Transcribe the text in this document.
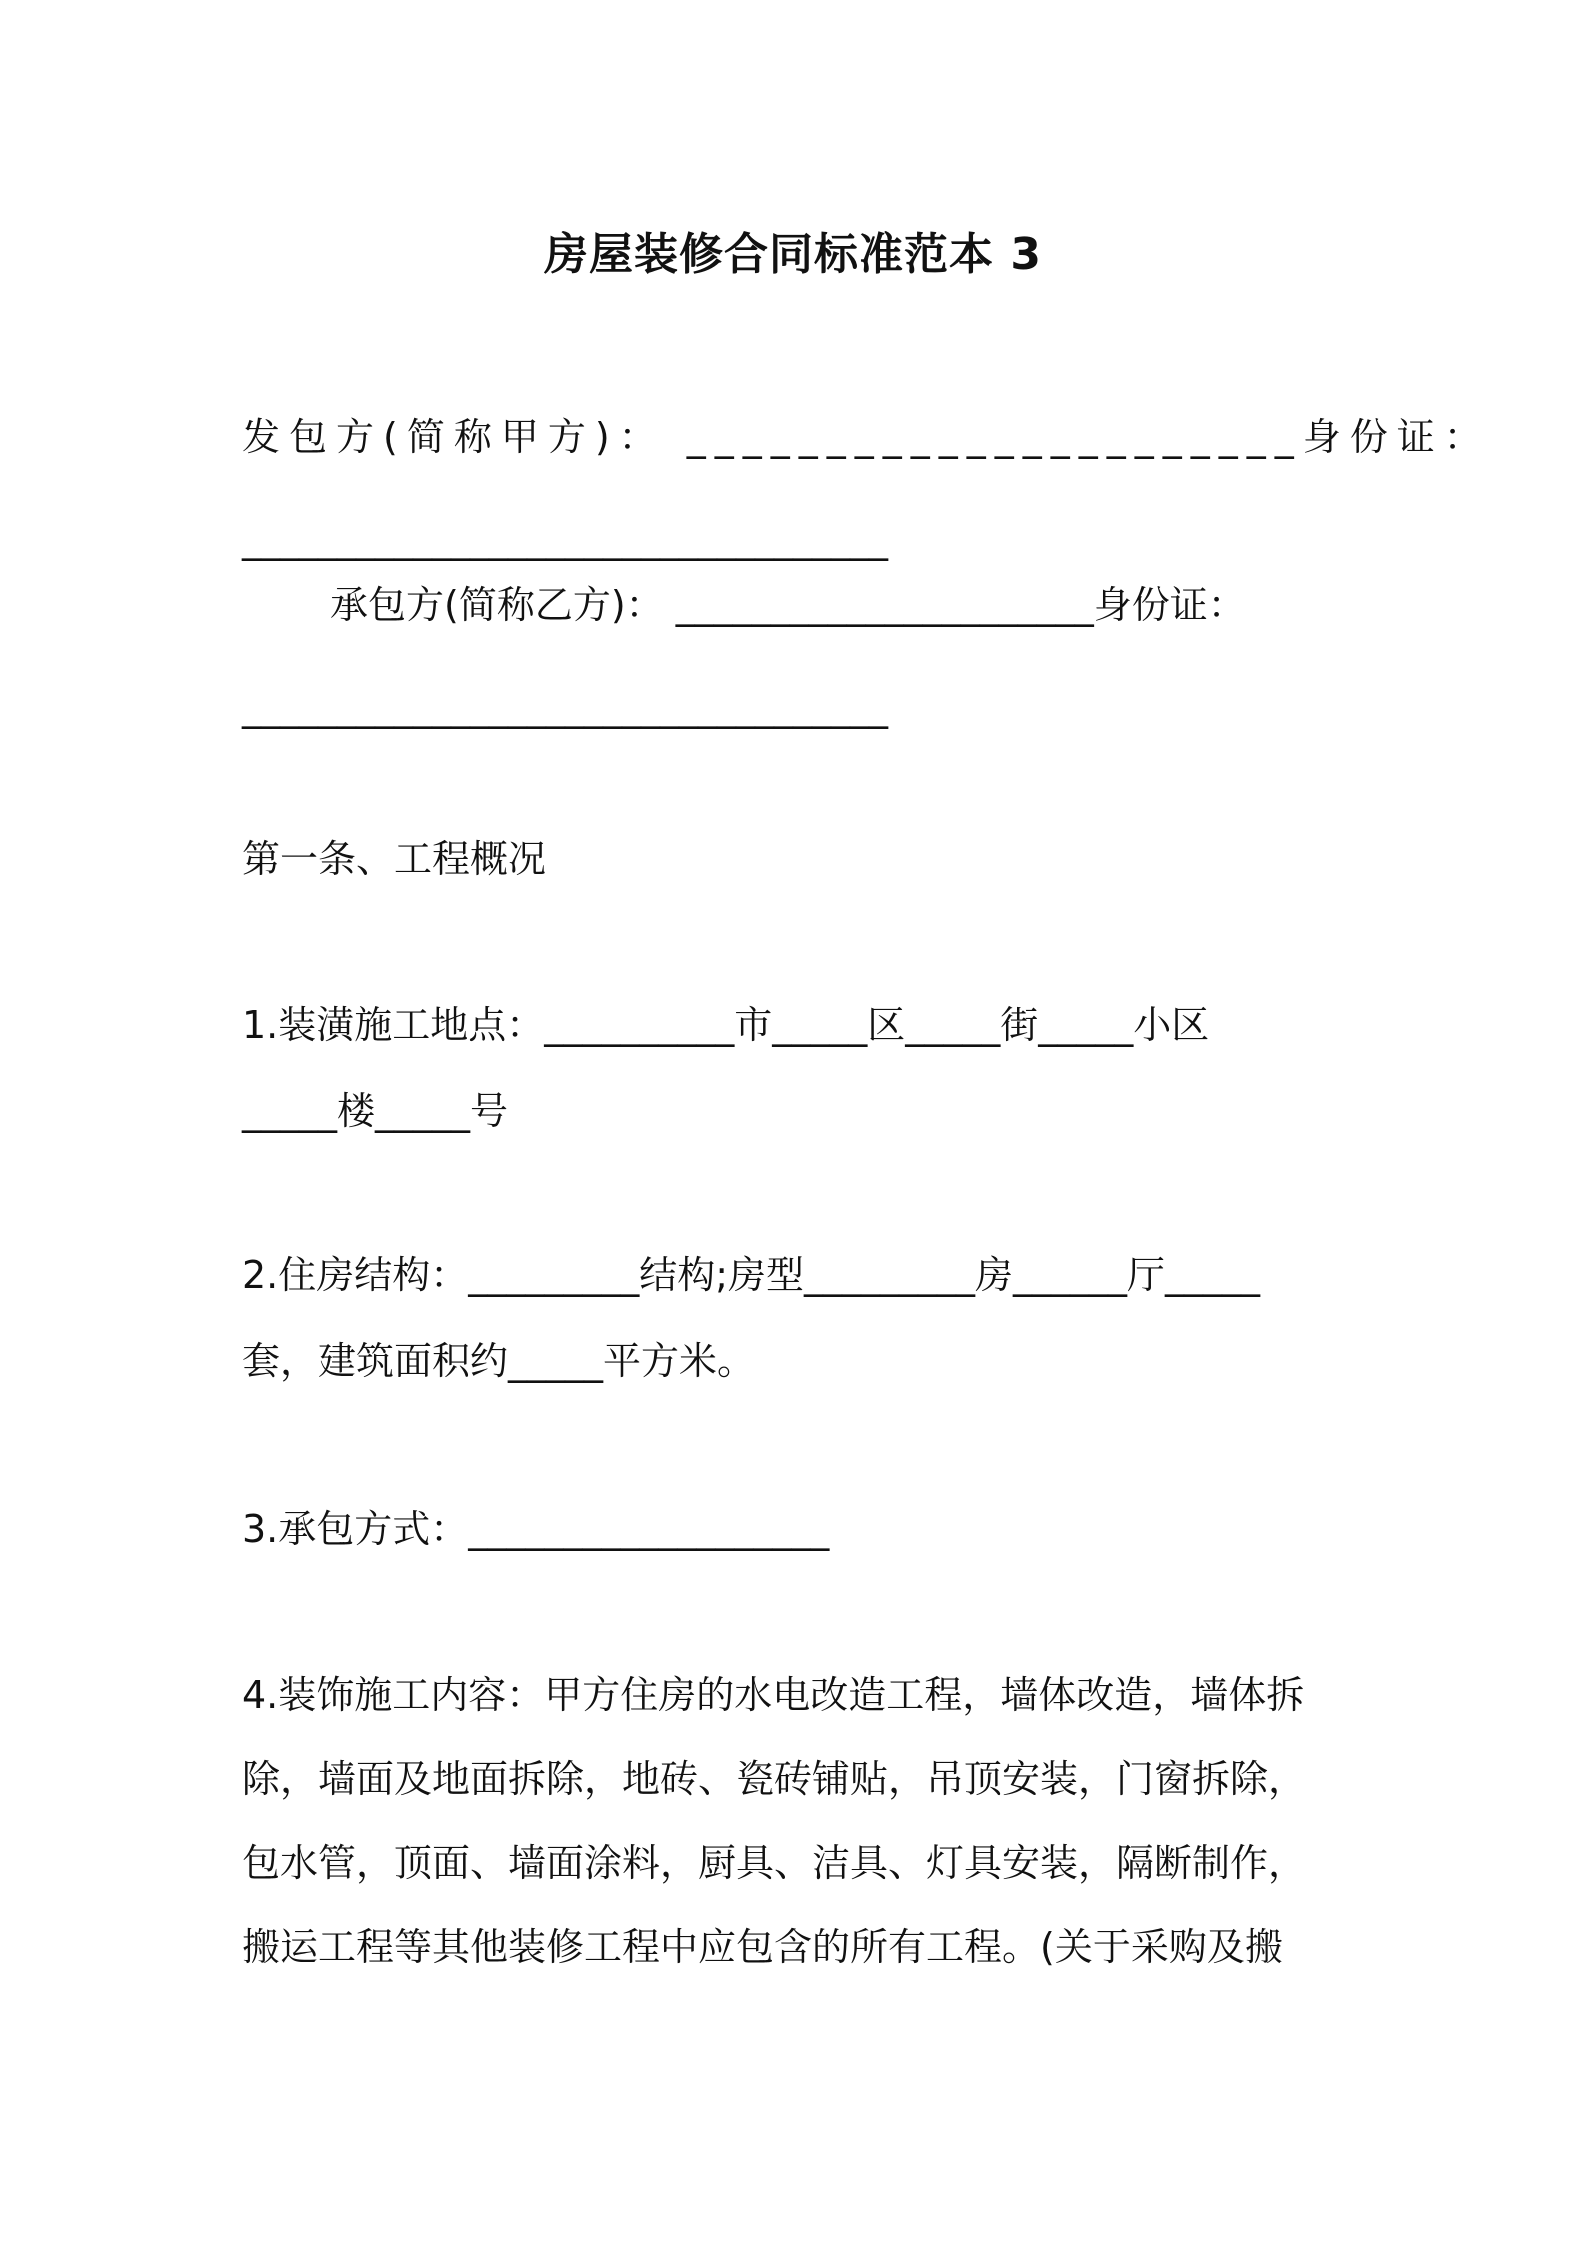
房屋装修合同标准范本 3
发包方(简称甲方)： ______________________身份证：
__________________________________
承包方(简称乙方)： ______________________身份证：
__________________________________
第一条、工程概况
1.装潢施工地点：__________市_____区_____街_____小区
_____楼_____号
2.住房结构：_________结构;房型_________房______厅_____
套，建筑面积约_____平方米。
3.承包方式：___________________
4.装饰施工内容：甲方住房的水电改造工程，墙体改造，墙体拆
除，墙面及地面拆除，地砖、瓷砖铺贴，吊顶安装，门窗拆除，
包水管，顶面、墙面涂料，厨具、洁具、灯具安装，隔断制作，
搬运工程等其他装修工程中应包含的所有工程。(关于采购及搬
